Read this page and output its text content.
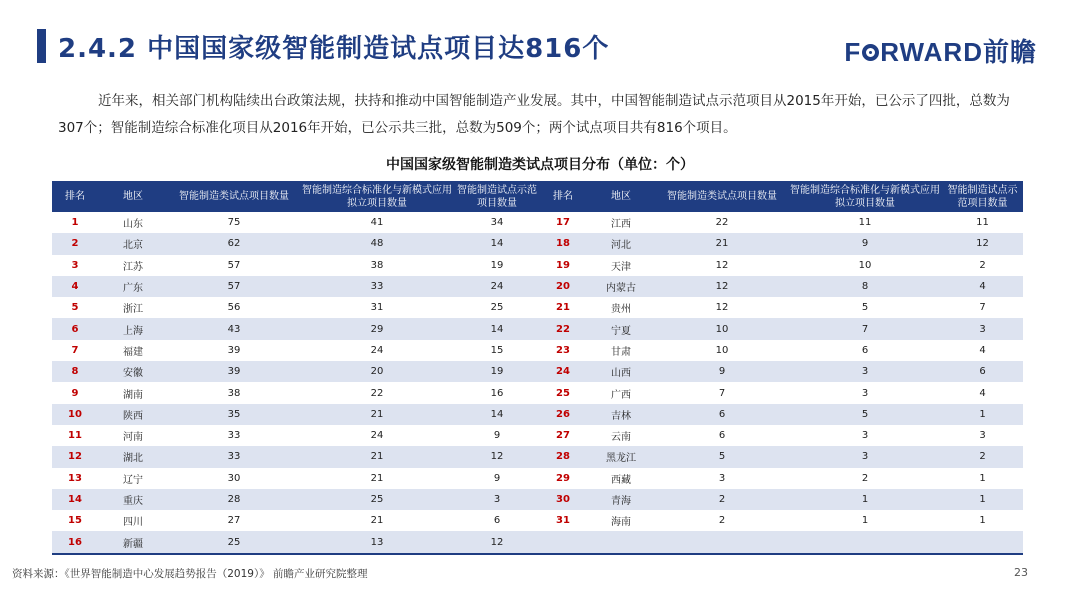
2.4.2 中国国家级智能制造试点项目达816个	F RWARD前瞻
近年来，相关部门机构陆续出台政策法规，扶持和推动中国智能制造产业发展。其中，中国智能制造试点示范项目从2015年开始，已公示了四批，总数为307个；智能制造综合标准化项目从2016年开始，已公示共三批，总数为509个；两个试点项目共有816个项目。
中国国家级智能制造类试点项目分布（单位：个）
排名	地区	智能制造类试点项目数量	智能制造综合标准化与新模式应用拟立项目数量	智能制造试点示范项目数量	排名	地区	智能制造类试点项目数量	智能制造综合标准化与新模式应用拟立项目数量	智能制造试点示范项目数量
1	山东	75	41	34	17	江西	22	11	11
2	北京	62	48	14	18	河北	21	9	12
3	江苏	57	38	19	19	天津	12	10	2
4	广东	57	33	24	20	内蒙古	12	8	4
5	浙江	56	31	25	21	贵州	12	5	7
6	上海	43	29	14	22	宁夏	10	7	3
7	福建	39	24	15	23	甘肃	10	6	4
8	安徽	39	20	19	24	山西	9	3	6
9	湖南	38	22	16	25	广西	7	3	4
10	陕西	35	21	14	26	吉林	6	5	1
11	河南	33	24	9	27	云南	6	3	3
12	湖北	33	21	12	28	黑龙江	5	3	2
13	辽宁	30	21	9	29	西藏	3	2	1
14	重庆	28	25	3	30	青海	2	1	1
15	四川	27	21	6	31	海南	2	1	1
16	新疆	25	13	12					
资料来源：《世界智能制造中心发展趋势报告（2019）》 前瞻产业研究院整理	23
